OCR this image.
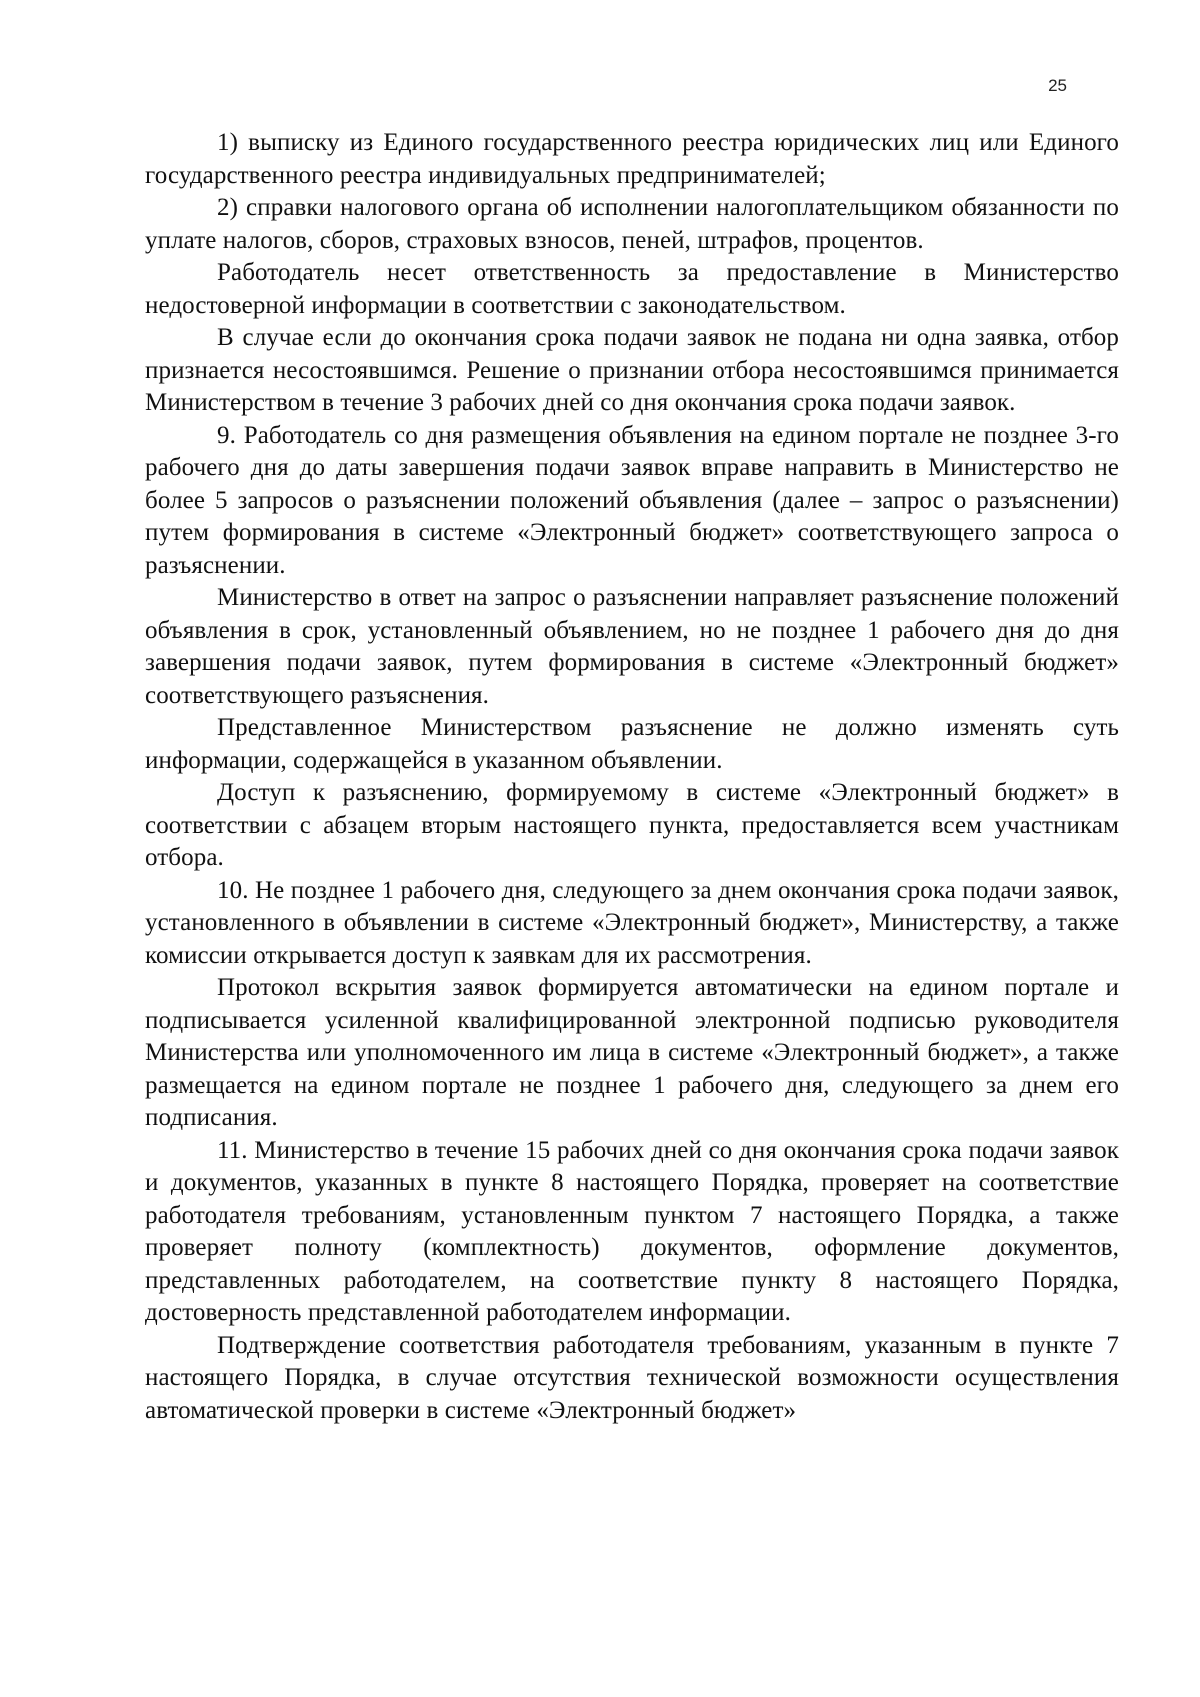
25

1) выписку из Единого государственного реестра юридических лиц или Единого государственного реестра индивидуальных предпринимателей;

2) справки налогового органа об исполнении налогоплательщиком обязанности по уплате налогов, сборов, страховых взносов, пеней, штрафов, процентов.

Работодатель несет ответственность за предоставление в Министерство недостоверной информации в соответствии с законодательством.

В случае если до окончания срока подачи заявок не подана ни одна заявка, отбор признается несостоявшимся. Решение о признании отбора несостоявшимся принимается Министерством в течение 3 рабочих дней со дня окончания срока подачи заявок.

9. Работодатель со дня размещения объявления на едином портале не позднее 3-го рабочего дня до даты завершения подачи заявок вправе направить в Министерство не более 5 запросов о разъяснении положений объявления (далее – запрос о разъяснении) путем формирования в системе «Электронный бюджет» соответствующего запроса о разъяснении.

Министерство в ответ на запрос о разъяснении направляет разъяснение положений объявления в срок, установленный объявлением, но не позднее 1 рабочего дня до дня завершения подачи заявок, путем формирования в системе «Электронный бюджет» соответствующего разъяснения.

Представленное Министерством разъяснение не должно изменять суть информации, содержащейся в указанном объявлении.

Доступ к разъяснению, формируемому в системе «Электронный бюджет» в соответствии с абзацем вторым настоящего пункта, предоставляется всем участникам отбора.

10. Не позднее 1 рабочего дня, следующего за днем окончания срока подачи заявок, установленного в объявлении в системе «Электронный бюджет», Министерству, а также комиссии открывается доступ к заявкам для их рассмотрения.

Протокол вскрытия заявок формируется автоматически на едином портале и подписывается усиленной квалифицированной электронной подписью руководителя Министерства или уполномоченного им лица в системе «Электронный бюджет», а также размещается на едином портале не позднее 1 рабочего дня, следующего за днем его подписания.

11. Министерство в течение 15 рабочих дней со дня окончания срока подачи заявок и документов, указанных в пункте 8 настоящего Порядка, проверяет на соответствие работодателя требованиям, установленным пунктом 7 настоящего Порядка, а также проверяет полноту (комплектность) документов, оформление документов, представленных работодателем, на соответствие пункту 8 настоящего Порядка, достоверность представленной работодателем информации.

Подтверждение соответствия работодателя требованиям, указанным в пункте 7 настоящего Порядка, в случае отсутствия технической возможности осуществления автоматической проверки в системе «Электронный бюджет»
